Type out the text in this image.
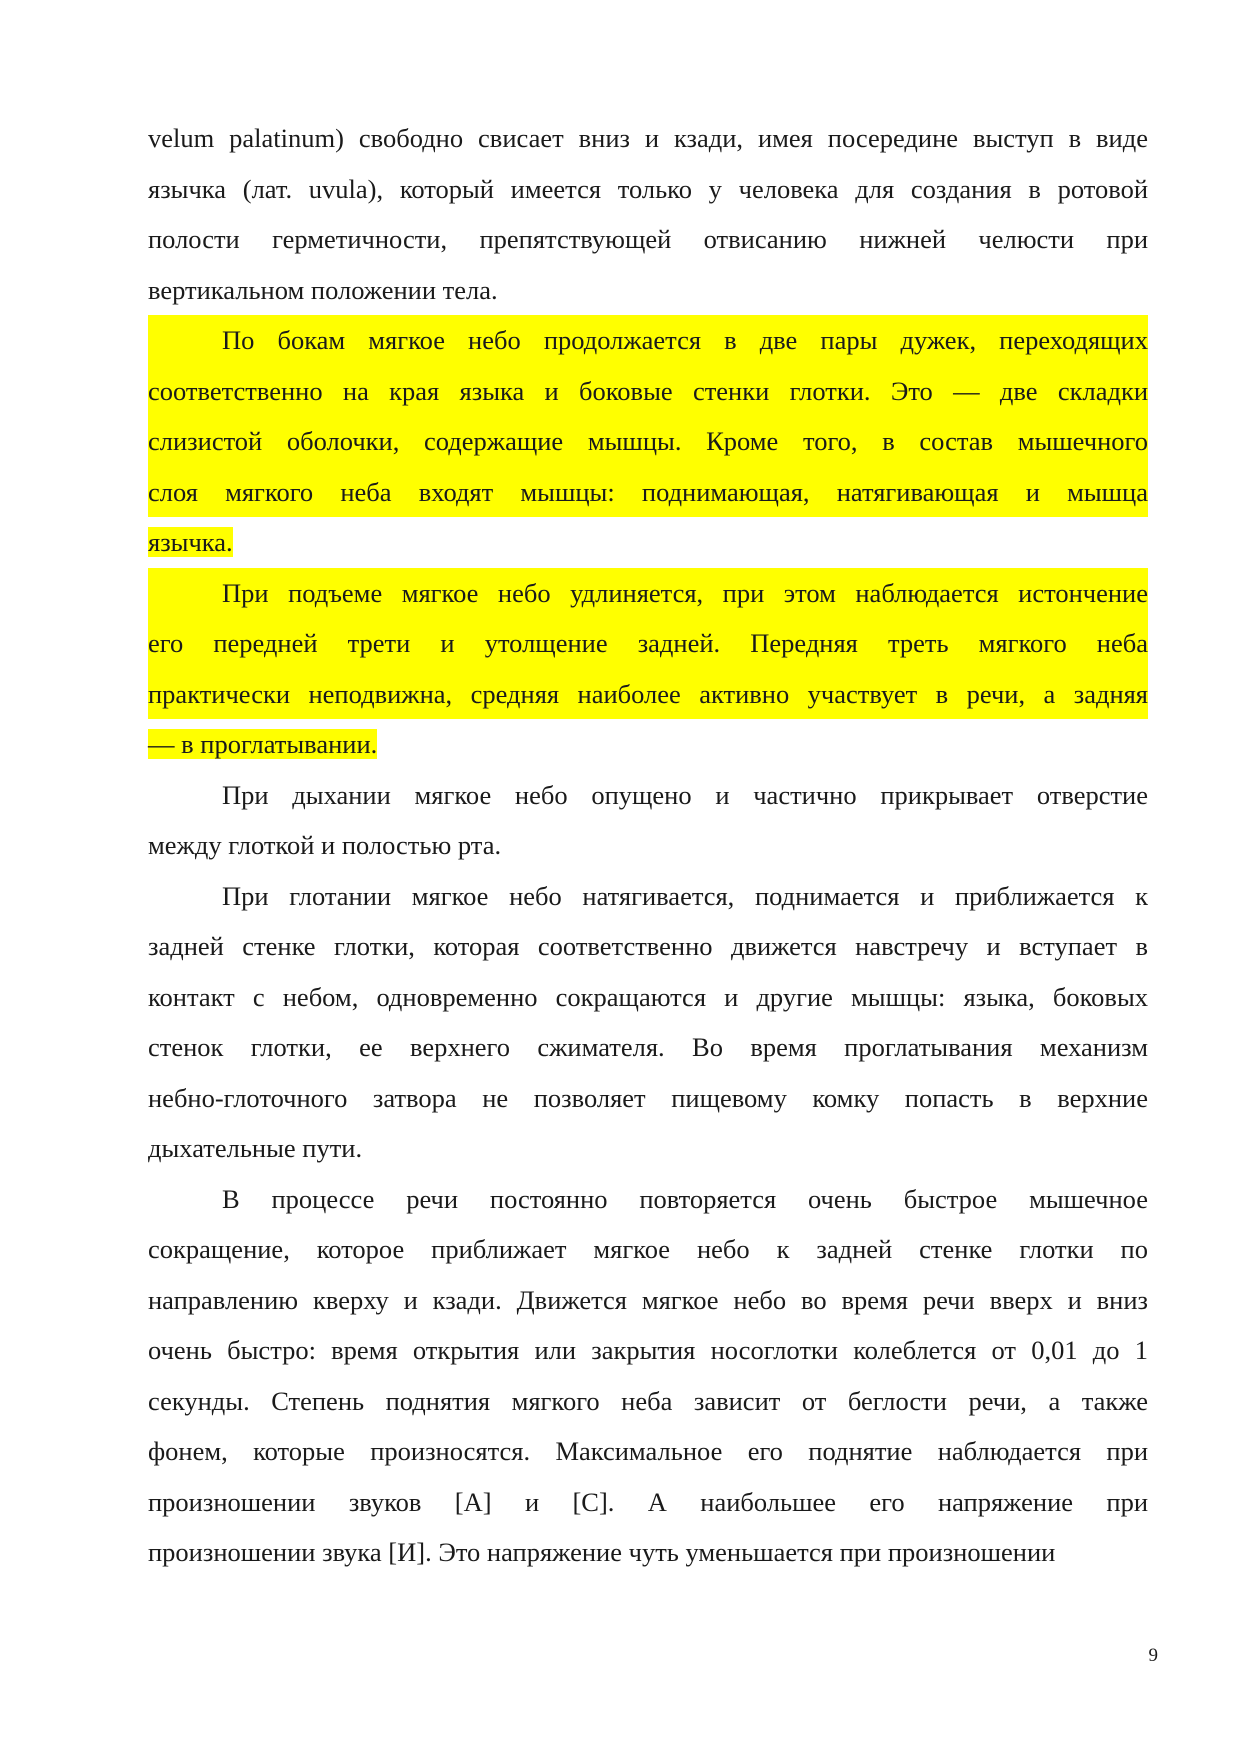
velum palatinum) свободно свисает вниз и кзади, имея посередине выступ в виде
язычка (лат. uvula), который имеется только у человека для создания в ротовой
полости герметичности, препятствующей отвисанию нижней челюсти при
вертикальном положении тела.
По бокам мягкое небо продолжается в две пары дужек, переходящих
соответственно на края языка и боковые стенки глотки. Это — две складки
слизистой оболочки, содержащие мышцы. Кроме того, в состав мышечного
слоя мягкого неба входят мышцы: поднимающая, натягивающая и мышца
язычка.
При подъеме мягкое небо удлиняется, при этом наблюдается истончение
его передней трети и утолщение задней. Передняя треть мягкого неба
практически неподвижна, средняя наиболее активно участвует в речи, а задняя
— в проглатывании.
При дыхании мягкое небо опущено и частично прикрывает отверстие
между глоткой и полостью рта.
При глотании мягкое небо натягивается, поднимается и приближается к
задней стенке глотки, которая соответственно движется навстречу и вступает в
контакт с небом, одновременно сокращаются и другие мышцы: языка, боковых
стенок глотки, ее верхнего сжимателя. Во время проглатывания механизм
небно-глоточного затвора не позволяет пищевому комку попасть в верхние
дыхательные пути.
В процессе речи постоянно повторяется очень быстрое мышечное
сокращение, которое приближает мягкое небо к задней стенке глотки по
направлению кверху и кзади. Движется мягкое небо во время речи вверх и вниз
очень быстро: время открытия или закрытия носоглотки колеблется от 0,01 до 1
секунды. Степень поднятия мягкого неба зависит от беглости речи, а также
фонем, которые произносятся. Максимальное его поднятие наблюдается при
произношении звуков [А] и [С]. А наибольшее его напряжение при
произношении звука [И]. Это напряжение чуть уменьшается при произношении
9
